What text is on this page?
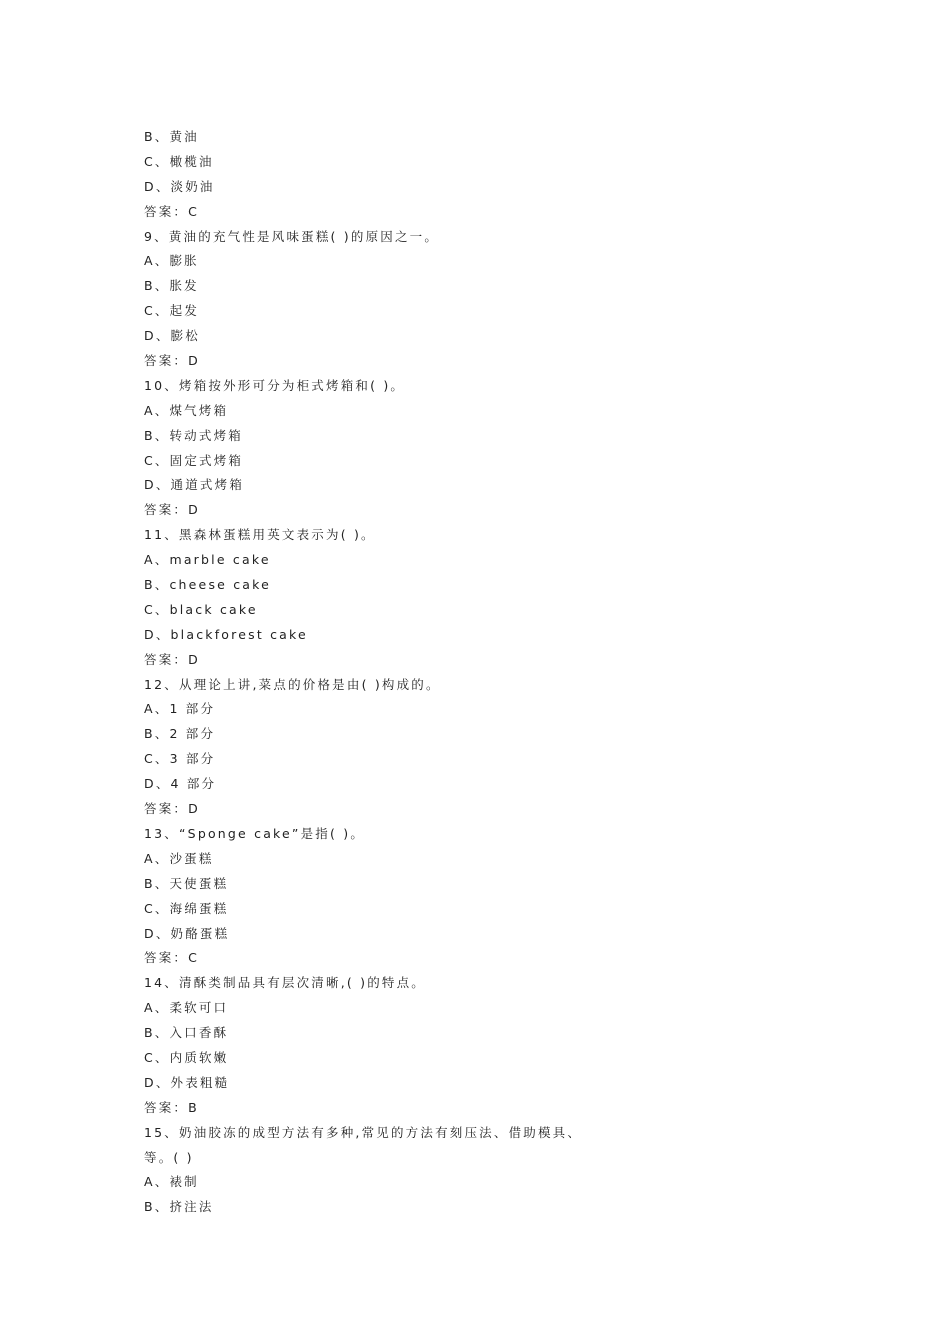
B、黄油
C、橄榄油
D、淡奶油
答案：C
9、黄油的充气性是风味蛋糕( )的原因之一。
A、膨胀
B、胀发
C、起发
D、膨松
答案：D
10、烤箱按外形可分为柜式烤箱和( )。
A、煤气烤箱
B、转动式烤箱
C、固定式烤箱
D、通道式烤箱
答案：D
11、黑森林蛋糕用英文表示为( )。
A、marble cake
B、cheese cake
C、black cake
D、blackforest cake
答案：D
12、从理论上讲,菜点的价格是由( )构成的。
A、1 部分
B、2 部分
C、3 部分
D、4 部分
答案：D
13、“Sponge cake”是指( )。
A、沙蛋糕
B、天使蛋糕
C、海绵蛋糕
D、奶酪蛋糕
答案：C
14、清酥类制品具有层次清晰,( )的特点。
A、柔软可口
B、入口香酥
C、内质软嫩
D、外表粗糙
答案：B
15、奶油胶冻的成型方法有多种,常见的方法有刻压法、借助模具、
等。( )
A、裱制
B、挤注法
